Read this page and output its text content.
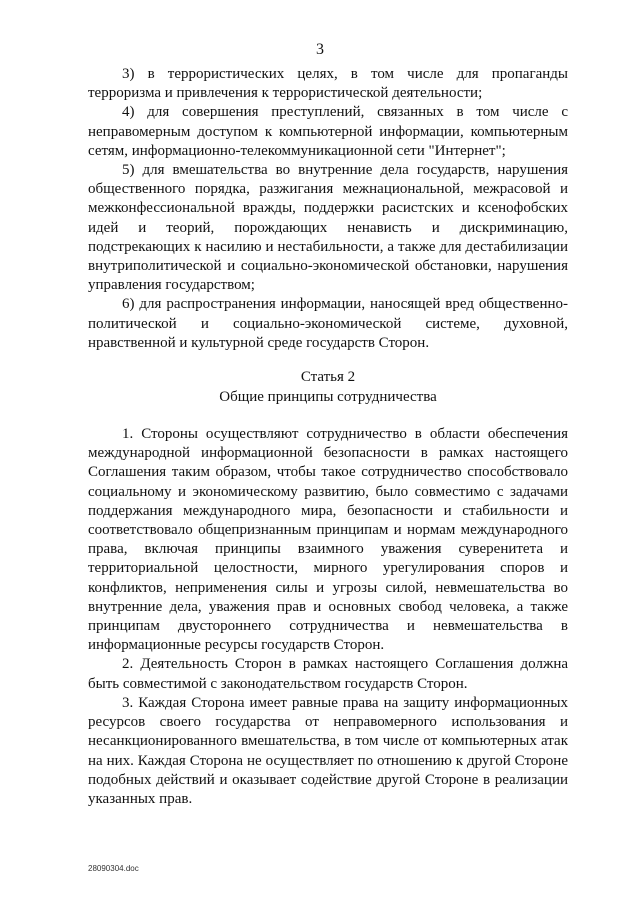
3

3) в террористических целях, в том числе для пропаганды терроризма и привлечения к террористической деятельности;

4) для совершения преступлений, связанных в том числе с неправомерным доступом к компьютерной информации, компьютерным сетям, информационно-телекоммуникационной сети "Интернет";

5) для вмешательства во внутренние дела государств, нарушения общественного порядка, разжигания межнациональной, межрасовой и межконфессиональной вражды, поддержки расистских и ксенофобских идей и теорий, порождающих ненависть и дискриминацию, подстрекающих к насилию и нестабильности, а также для дестабилизации внутриполитической и социально-экономической обстановки, нарушения управления государством;

6) для распространения информации, наносящей вред общественно-политической и социально-экономической системе, духовной, нравственной и культурной среде государств Сторон.

Статья 2
Общие принципы сотрудничества

1. Стороны осуществляют сотрудничество в области обеспечения международной информационной безопасности в рамках настоящего Соглашения таким образом, чтобы такое сотрудничество способствовало социальному и экономическому развитию, было совместимо с задачами поддержания международного мира, безопасности и стабильности и соответствовало общепризнанным принципам и нормам международного права, включая принципы взаимного уважения суверенитета и территориальной целостности, мирного урегулирования споров и конфликтов, неприменения силы и угрозы силой, невмешательства во внутренние дела, уважения прав и основных свобод человека, а также принципам двустороннего сотрудничества и невмешательства в информационные ресурсы государств Сторон.

2. Деятельность Сторон в рамках настоящего Соглашения должна быть совместимой с законодательством государств Сторон.

3. Каждая Сторона имеет равные права на защиту информационных ресурсов своего государства от неправомерного использования и несанкционированного вмешательства, в том числе от компьютерных атак на них. Каждая Сторона не осуществляет по отношению к другой Стороне подобных действий и оказывает содействие другой Стороне в реализации указанных прав.

28090304.doc
